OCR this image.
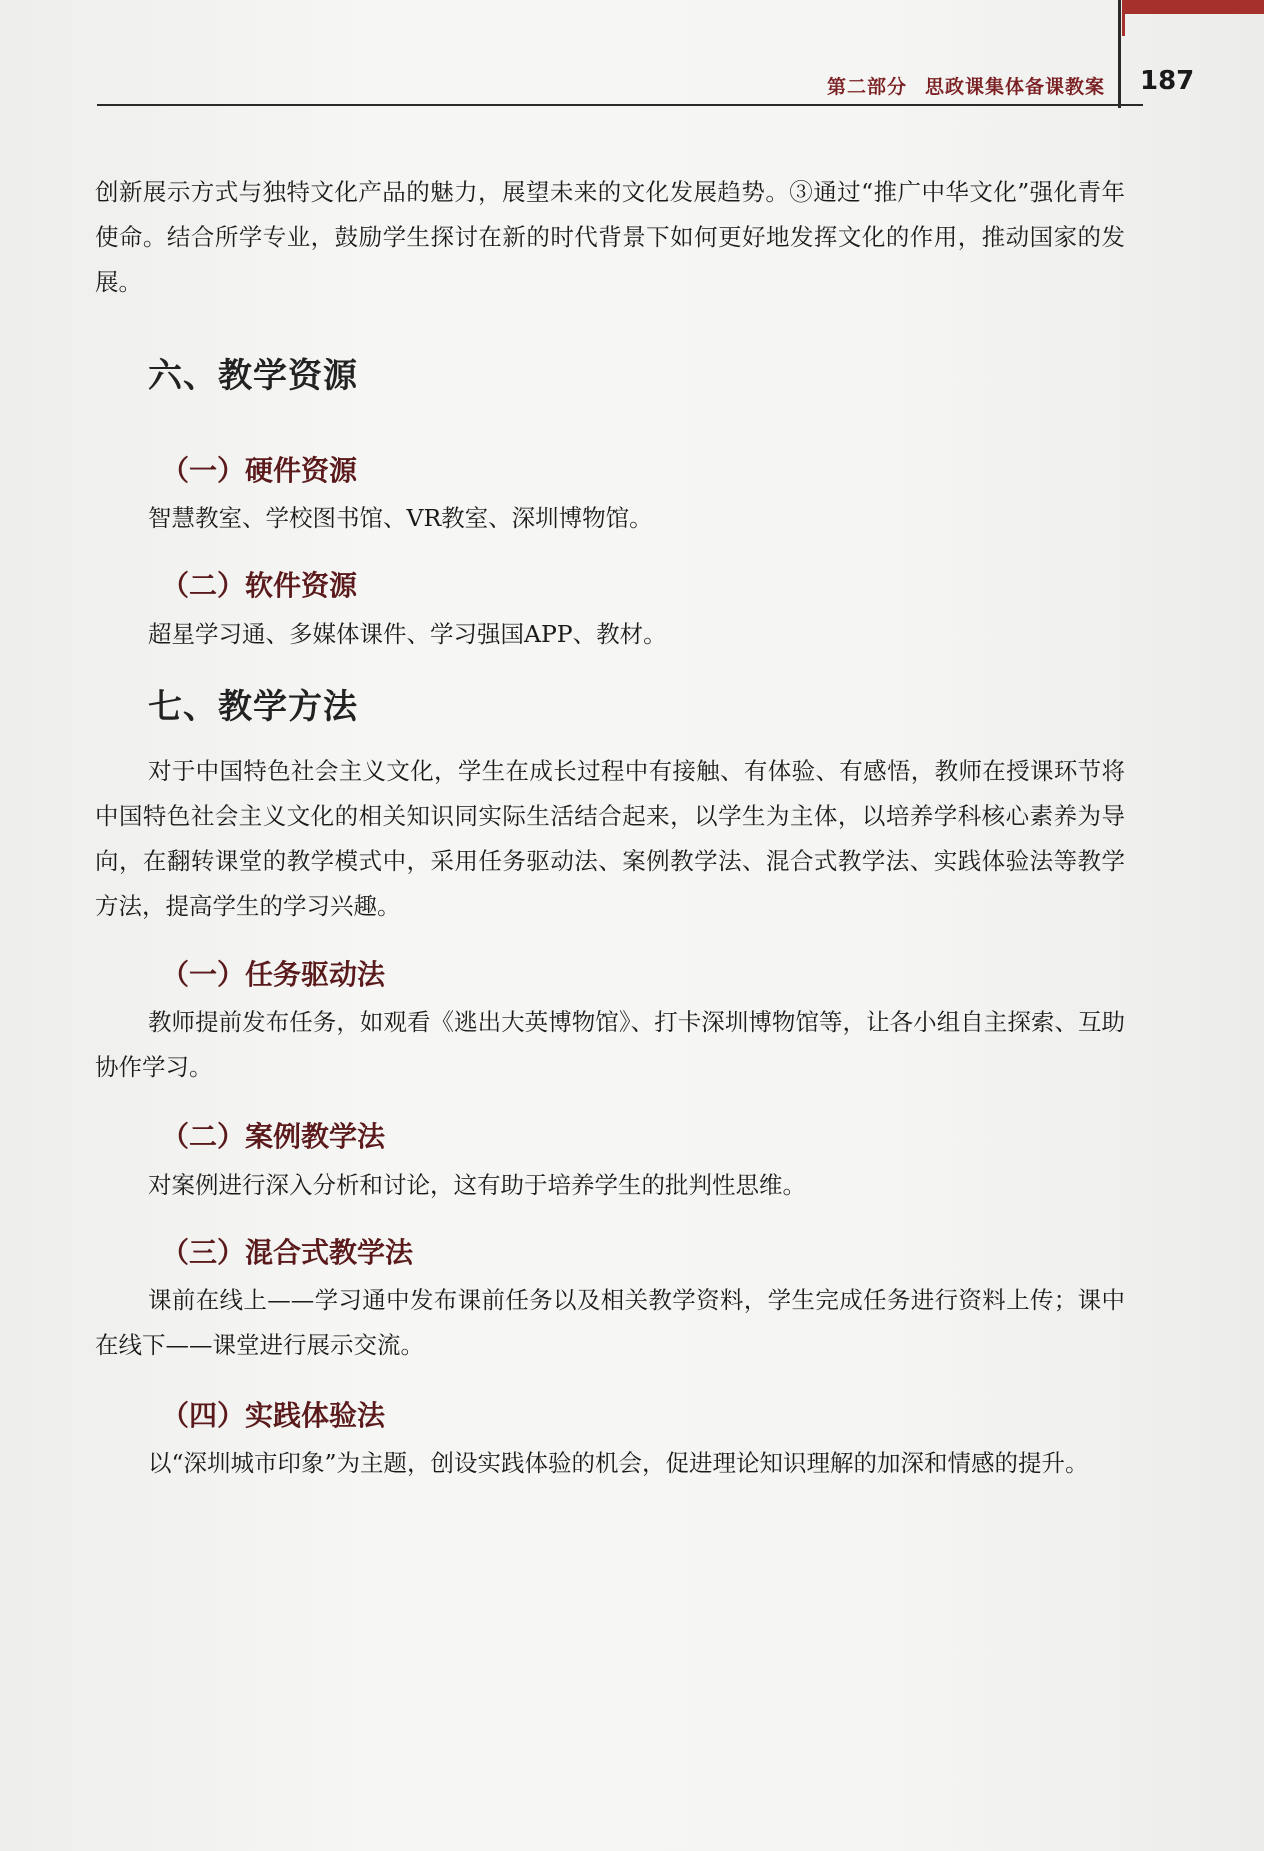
第二部分 思政课集体备课教案 187

创新展示方式与独特文化产品的魅力，展望未来的文化发展趋势。③通过“推广中华文化”强化青年使命。结合所学专业，鼓励学生探讨在新的时代背景下如何更好地发挥文化的作用，推动国家的发展。

六、教学资源
（一）硬件资源

智慧教室、学校图书馆、VR教室、深圳博物馆。

（二）软件资源

超星学习通、多媒体课件、学习强国APP、教材。

七、教学方法

对于中国特色社会主义文化，学生在成长过程中有接触、有体验、有感悟，教师在授课环节将中国特色社会主义文化的相关知识同实际生活结合起来，以学生为主体，以培养学科核心素养为导向，在翻转课堂的教学模式中，采用任务驱动法、案例教学法、混合式教学法、实践体验法等教学方法，提高学生的学习兴趣。

（一）任务驱动法

教师提前发布任务，如观看《逃出大英博物馆》、打卡深圳博物馆等，让各小组自主探索、互助协作学习。

（二）案例教学法

对案例进行深入分析和讨论，这有助于培养学生的批判性思维。

（三）混合式教学法

课前在线上——学习通中发布课前任务以及相关教学资料，学生完成任务进行资料上传；课中在线下——课堂进行展示交流。

（四）实践体验法

以“深圳城市印象”为主题，创设实践体验的机会，促进理论知识理解的加深和情感的提升。
